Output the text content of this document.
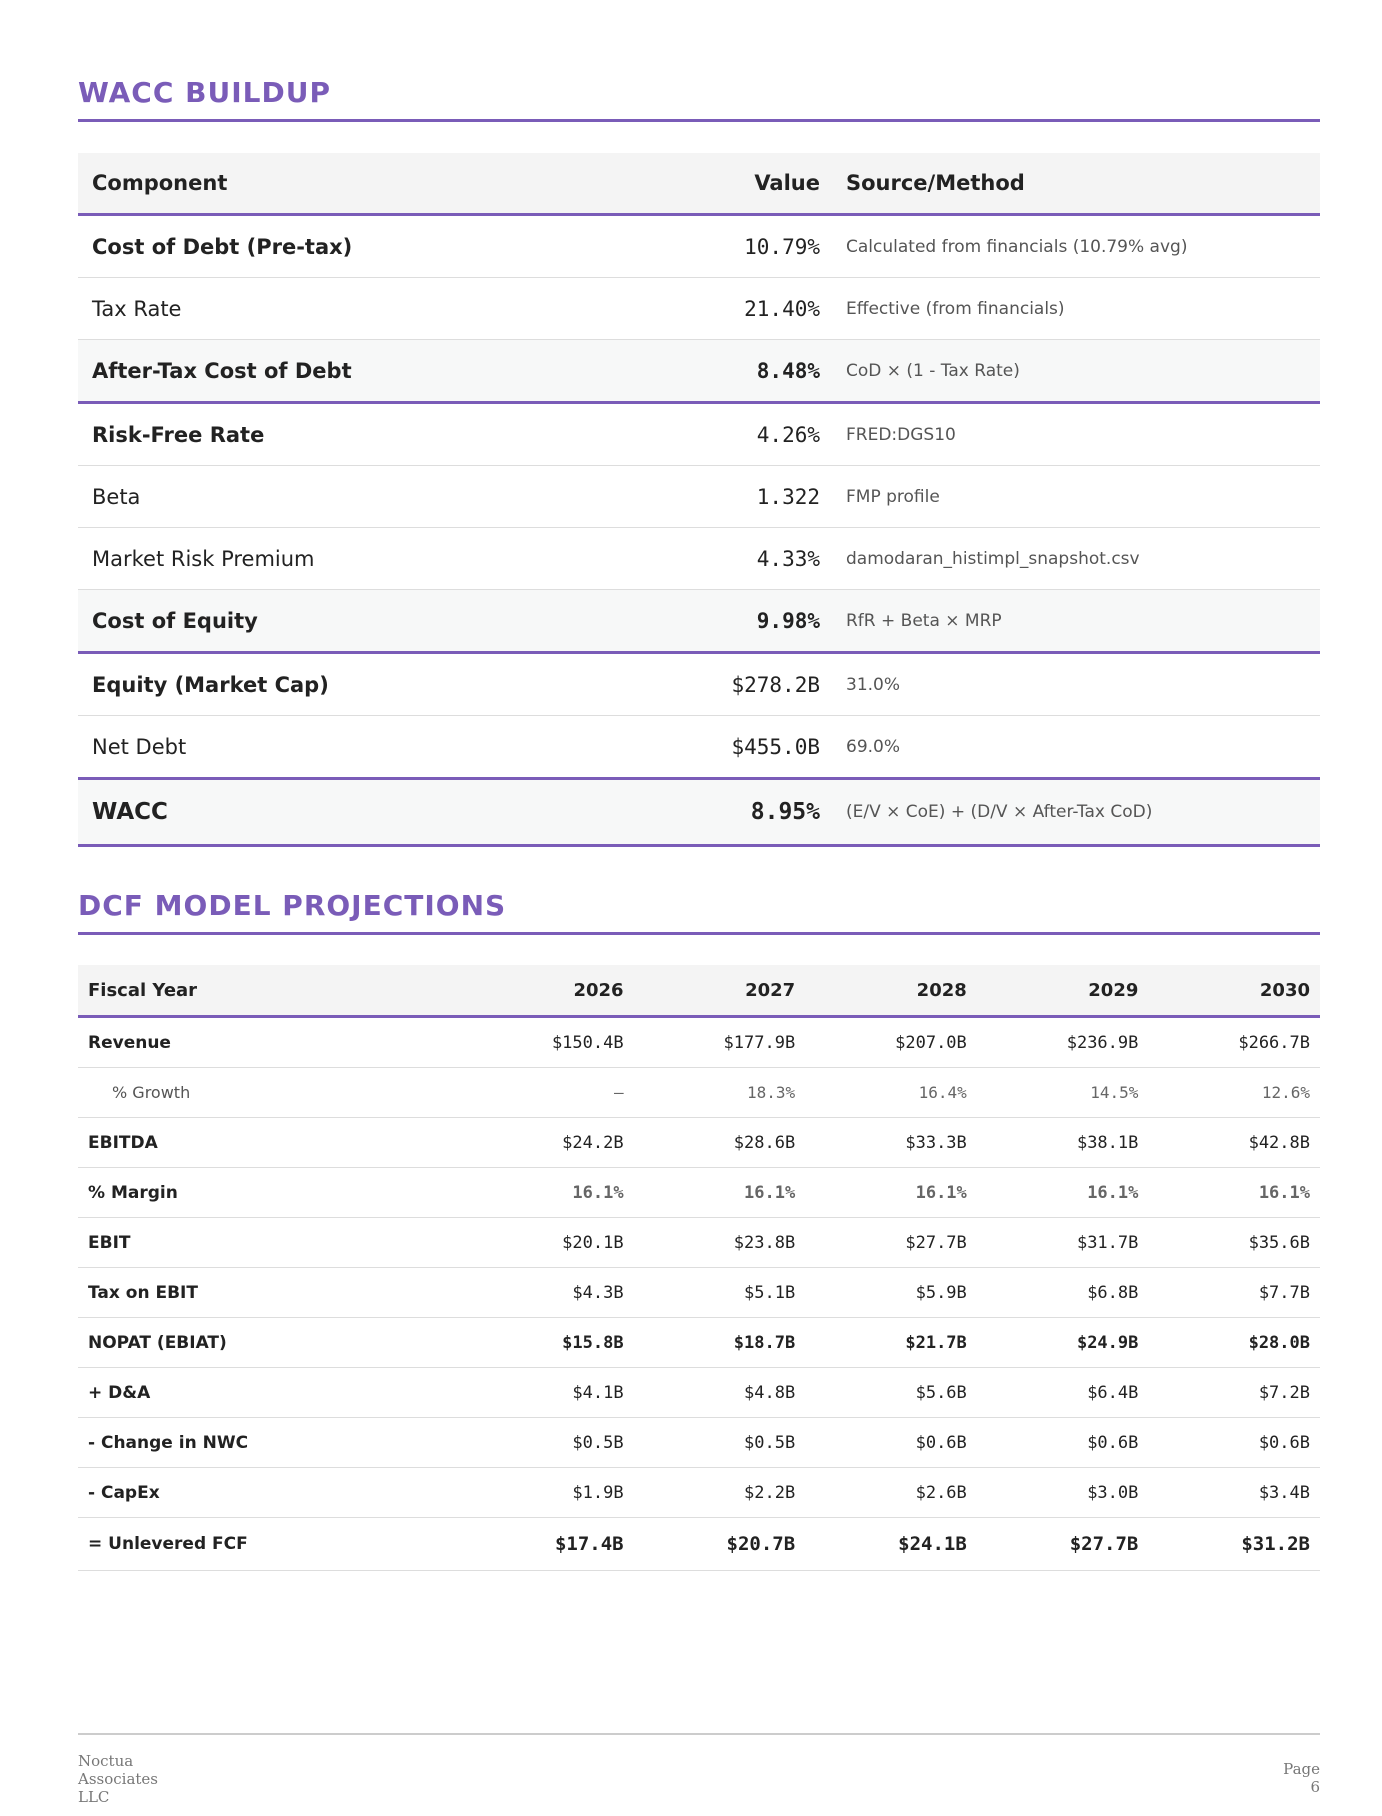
WACC BUILDUP
Component	Value	Source/Method
Cost of Debt (Pre-tax)	10.79%	Calculated from financials (10.79% avg)
Tax Rate	21.40%	Effective (from financials)
After-Tax Cost of Debt	8.48%	CoD × (1 - Tax Rate)
Risk-Free Rate	4.26%	FRED:DGS10
Beta	1.322	FMP profile
Market Risk Premium	4.33%	damodaran_histimpl_snapshot.csv
Cost of Equity	9.98%	RfR + Beta × MRP
Equity (Market Cap)	$278.2B	31.0%
Net Debt	$455.0B	69.0%
WACC	8.95%	(E/V × CoE) + (D/V × After-Tax CoD)
DCF MODEL PROJECTIONS
Fiscal Year	2026	2027	2028	2029	2030
Revenue	$150.4B	$177.9B	$207.0B	$236.9B	$266.7B
% Growth	—	18.3%	16.4%	14.5%	12.6%
EBITDA	$24.2B	$28.6B	$33.3B	$38.1B	$42.8B
% Margin	16.1%	16.1%	16.1%	16.1%	16.1%
EBIT	$20.1B	$23.8B	$27.7B	$31.7B	$35.6B
Tax on EBIT	$4.3B	$5.1B	$5.9B	$6.8B	$7.7B
NOPAT (EBIAT)	$15.8B	$18.7B	$21.7B	$24.9B	$28.0B
+ D&A	$4.1B	$4.8B	$5.6B	$6.4B	$7.2B
- Change in NWC	$0.5B	$0.5B	$0.6B	$0.6B	$0.6B
- CapEx	$1.9B	$2.2B	$2.6B	$3.0B	$3.4B
= Unlevered FCF	$17.4B	$20.7B	$24.1B	$27.7B	$31.2B
Noctua
Associates
LLC
Page
6
